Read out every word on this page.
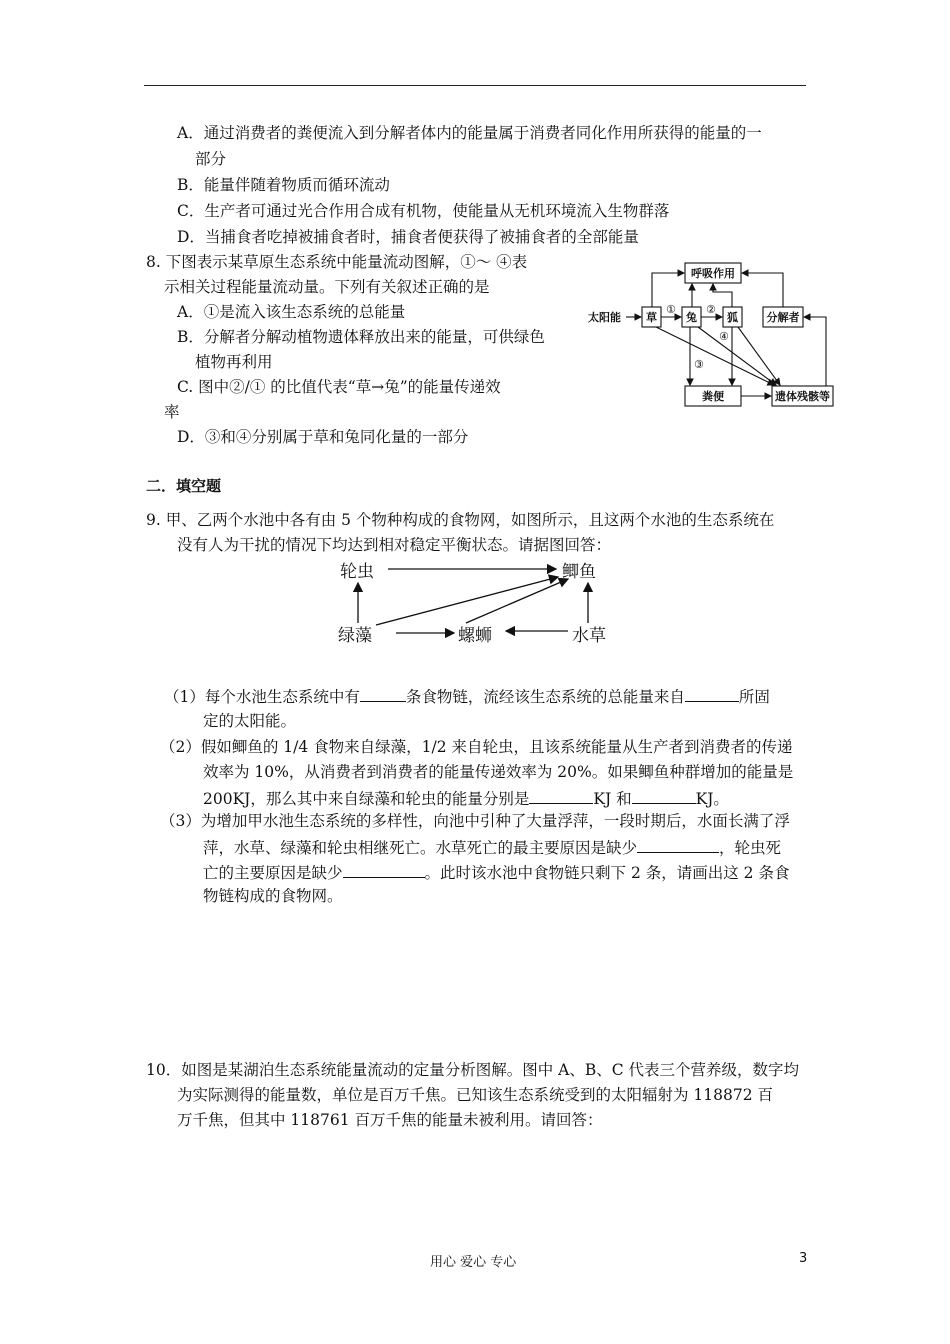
A．通过消费者的粪便流入到分解者体内的能量属于消费者同化作用所获得的能量的一
部分
B．能量伴随着物质而循环流动
C．生产者可通过光合作用合成有机物，使能量从无机环境流入生物群落
D．当捕食者吃掉被捕食者时，捕食者便获得了被捕食者的全部能量
8. 下图表示某草原生态系统中能量流动图解，①～ ④表
示相关过程能量流动量。下列有关叙述正确的是
A．①是流入该生态系统的总能量
B．分解者分解动植物遗体释放出来的能量，可供绿色
植物再利用
C. 图中②/① 的比值代表“草→兔”的能量传递效
率
D．③和④分别属于草和兔同化量的一部分
呼吸作用
太阳能 草	兔	狐	分解者
粪便	遗体残骸等
①	②
③
④
二．填空题
9. 甲、乙两个水池中各有由 5 个物种构成的食物网，如图所示，且这两个水池的生态系统在
没有人为干扰的情况下均达到相对稳定平衡状态。请据图回答：
轮虫	鲫鱼
绿藻	螺蛳	水草
（1）每个水池生态系统中有	条食物链，流经该生态系统的总能量来自	所固
定的太阳能。
（2）假如鲫鱼的 1/4 食物来自绿藻，1/2 来自轮虫，且该系统能量从生产者到消费者的传递
效率为 10%，从消费者到消费者的能量传递效率为 20%。如果鲫鱼种群增加的能量是
200KJ，那么其中来自绿藻和轮虫的能量分别是	KJ 和	KJ。
（3）为增加甲水池生态系统的多样性，向池中引种了大量浮萍，一段时期后，水面长满了浮
萍，水草、绿藻和轮虫相继死亡。水草死亡的最主要原因是缺少	，轮虫死
亡的主要原因是缺少	。此时该水池中食物链只剩下 2 条，请画出这 2 条食
物链构成的食物网。
10．如图是某湖泊生态系统能量流动的定量分析图解。图中 A、B、C 代表三个营养级，数字均
为实际测得的能量数，单位是百万千焦。已知该生态系统受到的太阳辐射为 118872 百
万千焦，但其中 118761 百万千焦的能量未被利用。请回答：
用心 爱心 专心	3
